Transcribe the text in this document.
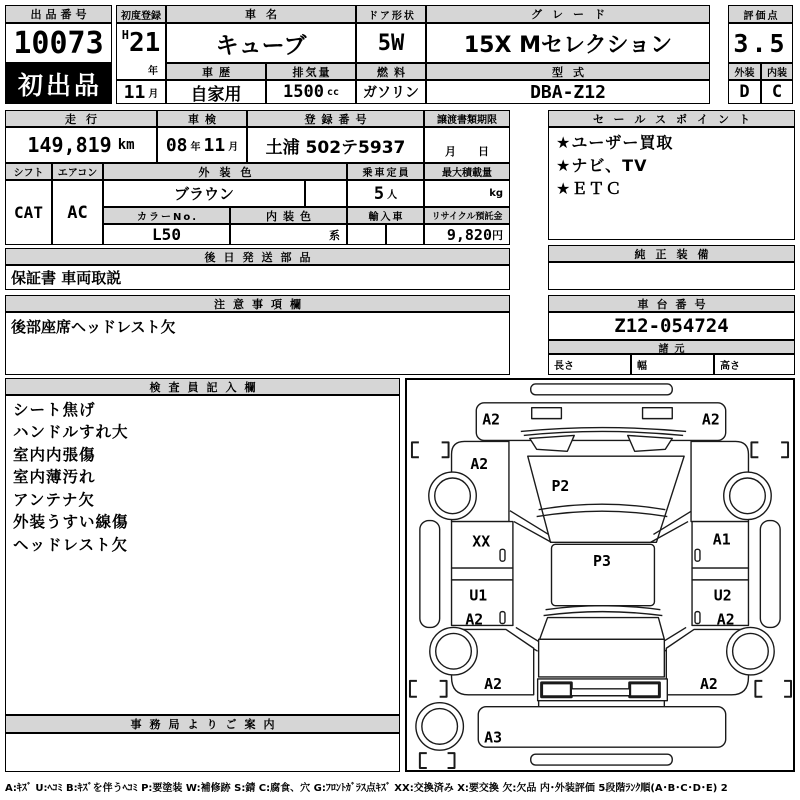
出品番号
10073
初出品
初度登録	車名	ドア形状	グレード
H 21
年
11 月
キューブ	5W	15X Mセレクション
車歴	排気量	燃料	型式
自家用	1500 cc	ガソリン	DBA-Z12
評価点
3.5
外装	内装
D	C
走行
149,819 km
車検
08 年 11 月
登録番号
土浦 502テ5937
譲渡書類期限
月 日
シフト	エアコン
CAT	AC
外装色
ブラウン
カラーNo.	内装色
L50	系
乗車定員
5 人
最大積載量
kg
輸入車	リサイクル預託金
9,820 円
セールスポイント
★ユーザー買取
★ナビ、TV
★ＥＴＣ
純正装備
後日発送部品
保証書 車両取説
注意事項欄
後部座席ヘッドレスト欠
車台番号
Z12-054724
諸元
長さ	幅	高さ
検査員記入欄
シート焦げ
ハンドルすれ大
室内内張傷
室内薄汚れ
アンテナ欠
外装うすい線傷
ヘッドレスト欠
事務局よりご案内
A2	A2
A2
P2
XX	A1
P3
U1	U2
A2	A2
A2	A2
A3
A:ｷｽﾞ U:ﾍｺﾐ B:ｷｽﾞを伴うﾍｺﾐ P:要塗装 W:補修跡 S:錆 C:腐食、穴 G:ﾌﾛﾝﾄｶﾞﾗｽ点ｷｽﾞ XX:交換済み X:要交換 欠:欠品 内･外装評価 5段階ﾗﾝｸ順(A･B･C･D･E) 2
